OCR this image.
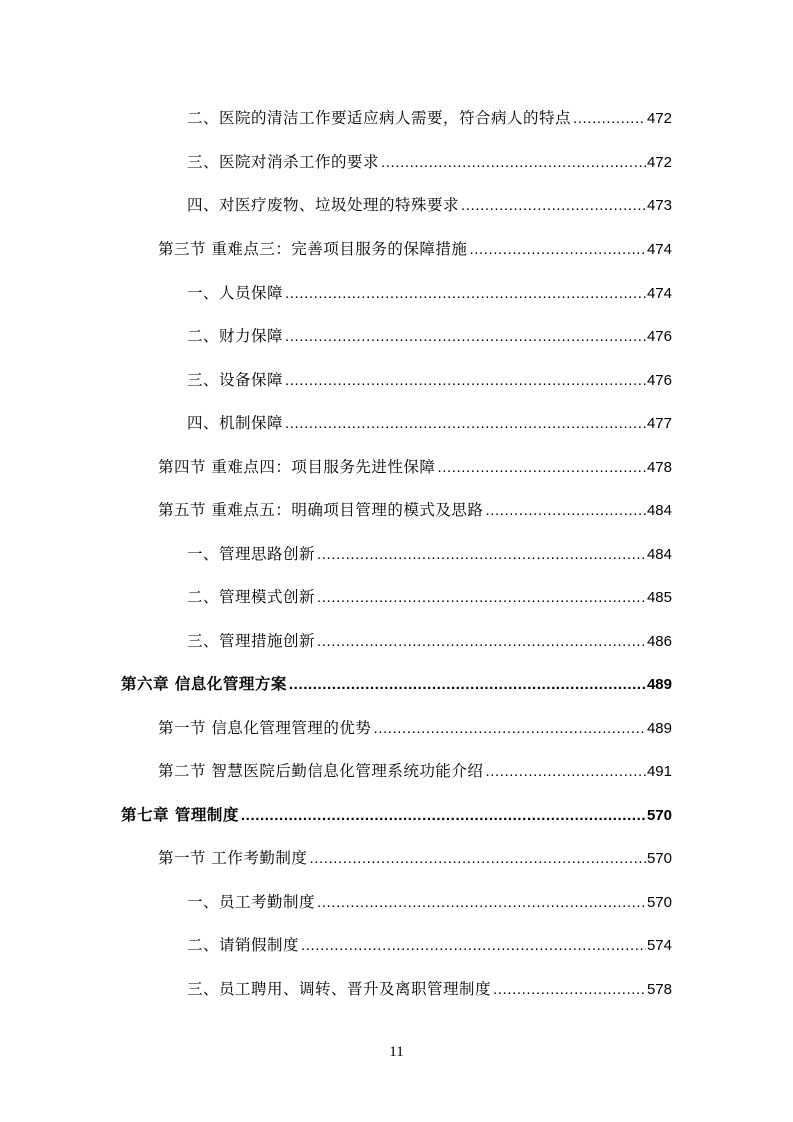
二、医院的清洁工作要适应病人需要，符合病人的特点 .....	472
三、医院对消杀工作的要求 .....	472
四、对医疗废物、垃圾处理的特殊要求 .....	473
第三节 重难点三：完善项目服务的保障措施 .....	474
一、人员保障 .....	474
二、财力保障 .....	476
三、设备保障 .....	476
四、机制保障 .....	477
第四节 重难点四：项目服务先进性保障 .....	478
第五节 重难点五：明确项目管理的模式及思路 .....	484
一、管理思路创新 .....	484
二、管理模式创新 .....	485
三、管理措施创新 .....	486
第六章 信息化管理方案 .....	489
第一节 信息化管理管理的优势 .....	489
第二节 智慧医院后勤信息化管理系统功能介绍 .....	491
第七章 管理制度 .....	570
第一节 工作考勤制度 .....	570
一、员工考勤制度 .....	570
二、请销假制度 .....	574
三、员工聘用、调转、晋升及离职管理制度 .....	578
11
